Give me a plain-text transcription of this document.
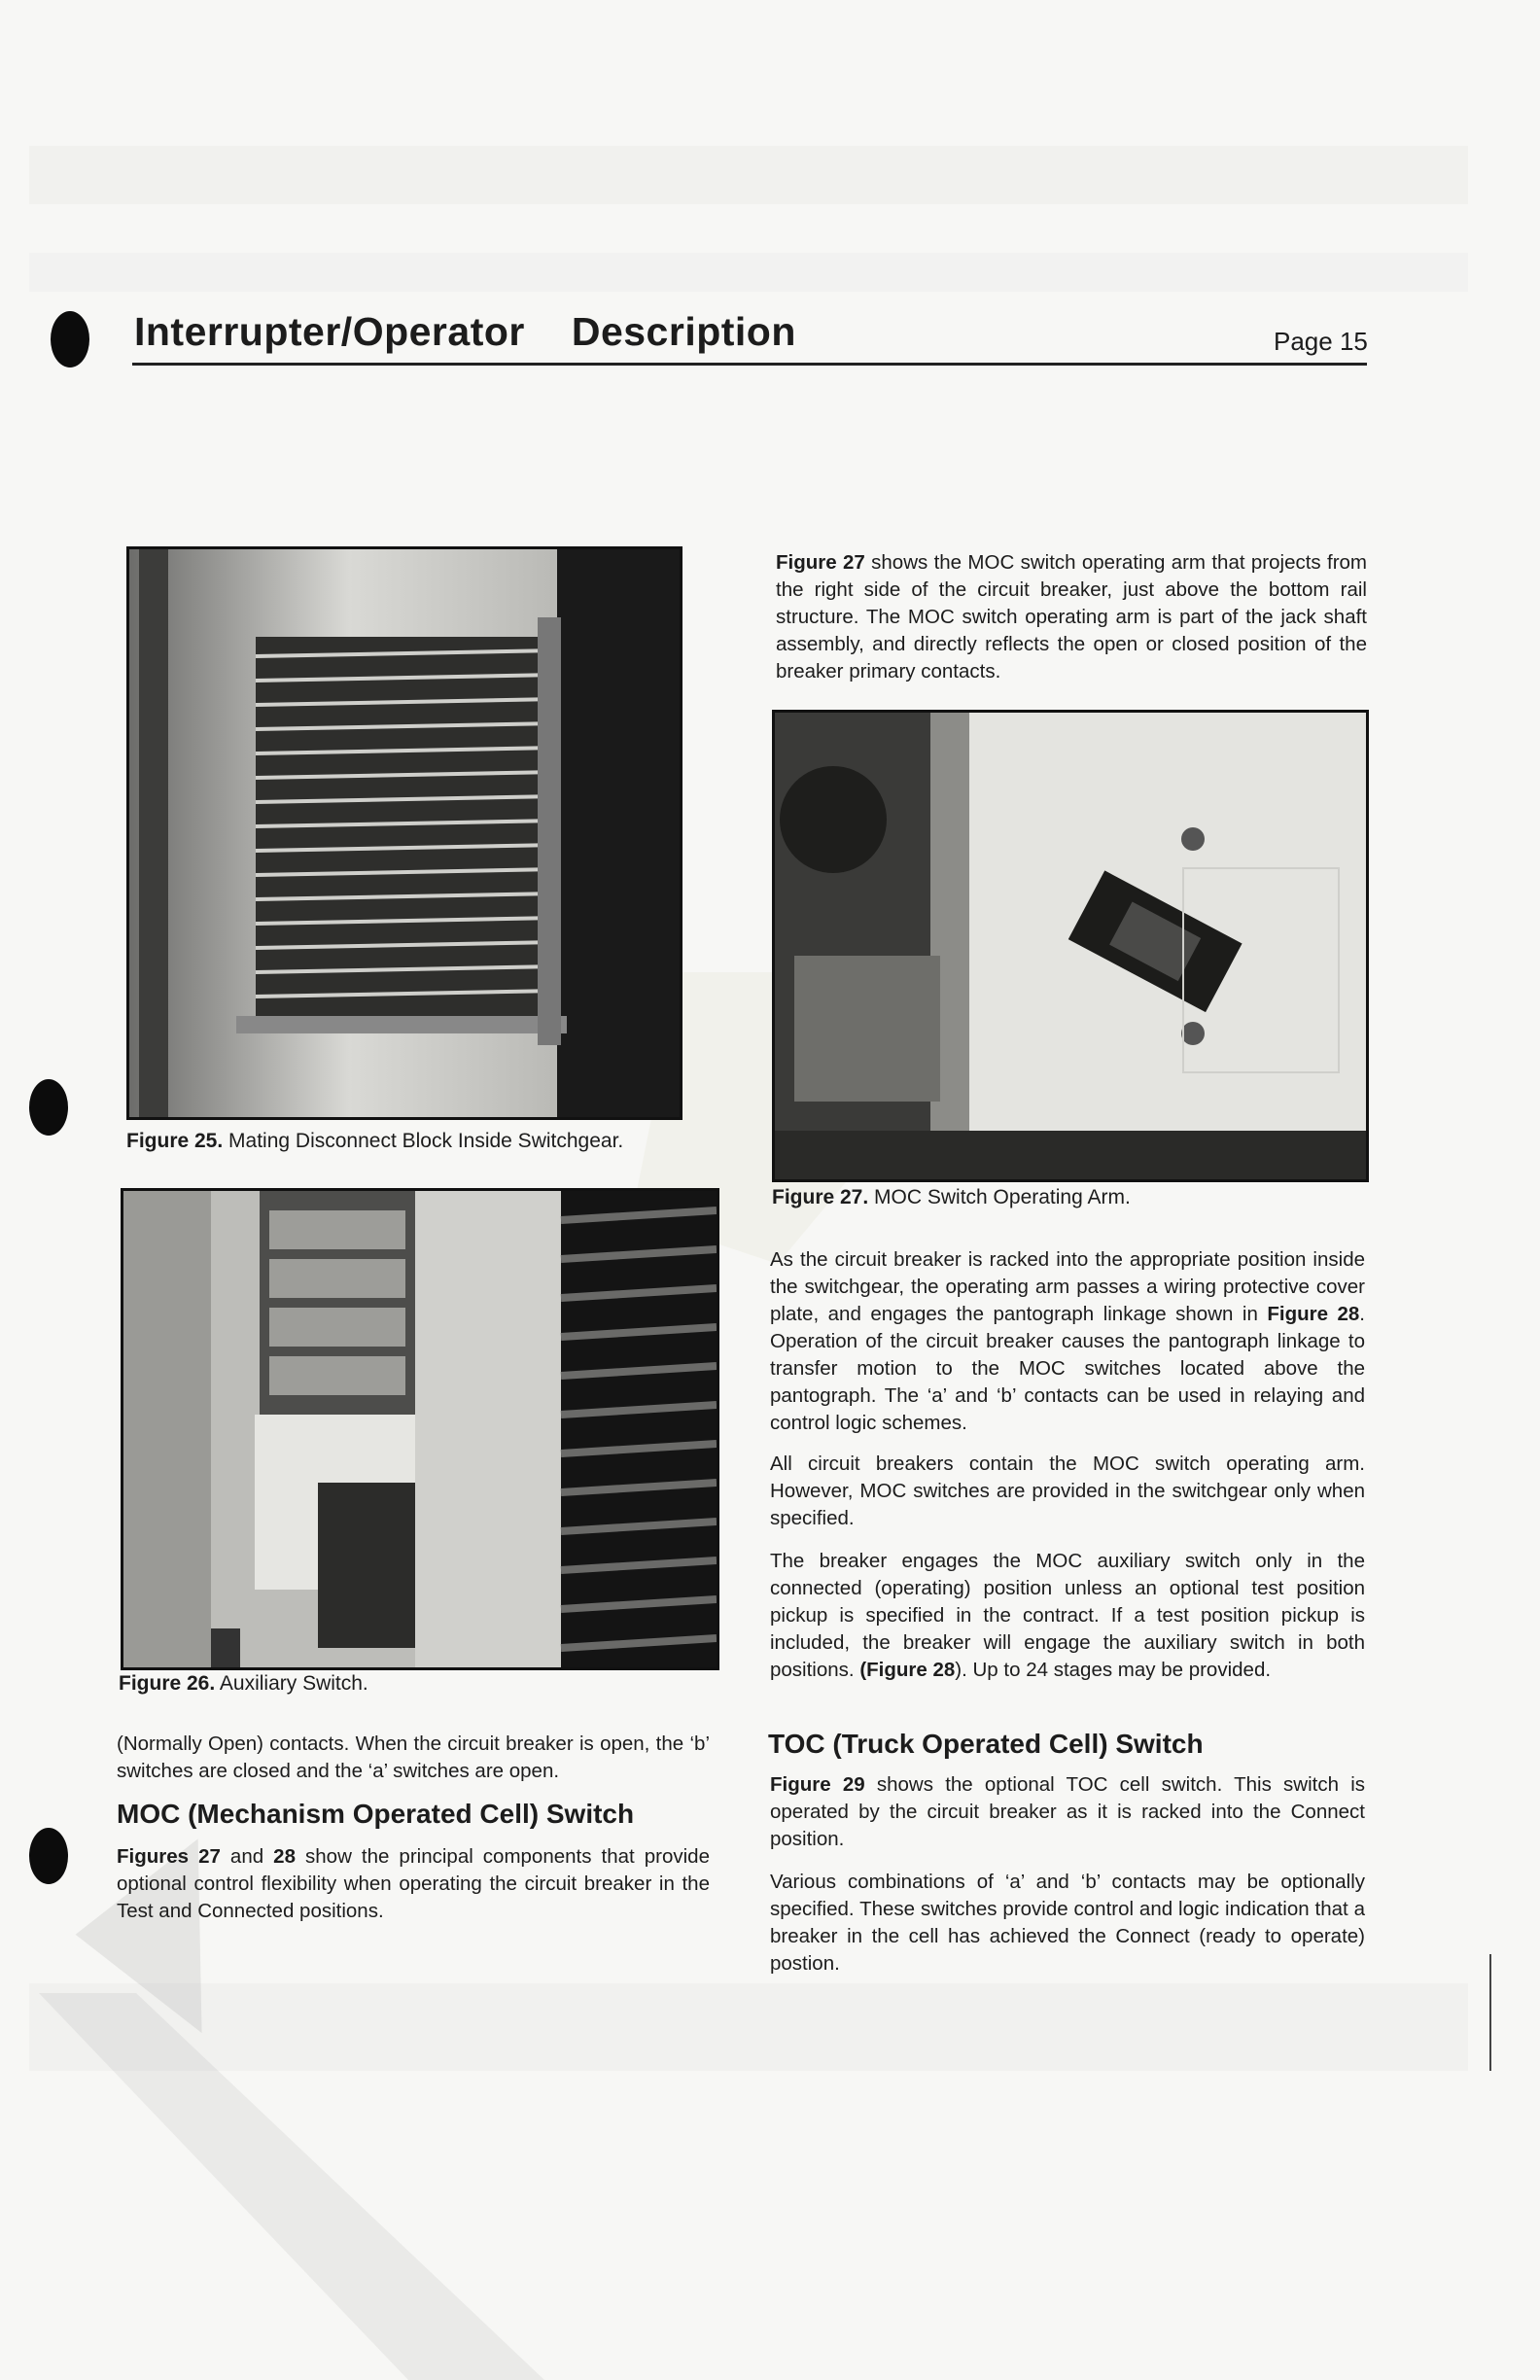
Interrupter/Operator Description	Page 15
Figure 25. Mating Disconnect Block Inside Switchgear.
Figure 26. Auxiliary Switch.

(Normally Open) contacts. When the circuit breaker is open, the ‘b’ switches are closed and the ‘a’ switches are open.

MOC (Mechanism Operated Cell) Switch

Figures 27 and 28 show the principal components that provide optional control flexibility when operating the circuit breaker in the Test and Connected positions.

Figure 27 shows the MOC switch operating arm that projects from the right side of the circuit breaker, just above the bottom rail structure. The MOC switch operating arm is part of the jack shaft assembly, and directly reflects the open or closed position of the breaker primary contacts.

Figure 27. MOC Switch Operating Arm.

As the circuit breaker is racked into the appropriate position inside the switchgear, the operating arm passes a wiring protective cover plate, and engages the pantograph linkage shown in Figure 28. Operation of the circuit breaker causes the pantograph linkage to transfer motion to the MOC switches located above the pantograph. The ‘a’ and ‘b’ contacts can be used in relaying and control logic schemes.

All circuit breakers contain the MOC switch operating arm. However, MOC switches are provided in the switchgear only when specified.

The breaker engages the MOC auxiliary switch only in the connected (operating) position unless an optional test position pickup is specified in the contract. If a test position pickup is included, the breaker will engage the auxiliary switch in both positions. (Figure 28). Up to 24 stages may be provided.

TOC (Truck Operated Cell) Switch

Figure 29 shows the optional TOC cell switch. This switch is operated by the circuit breaker as it is racked into the Connect position.

Various combinations of ‘a’ and ‘b’ contacts may be optionally specified. These switches provide control and logic indication that a breaker in the cell has achieved the Connect (ready to operate) postion.
